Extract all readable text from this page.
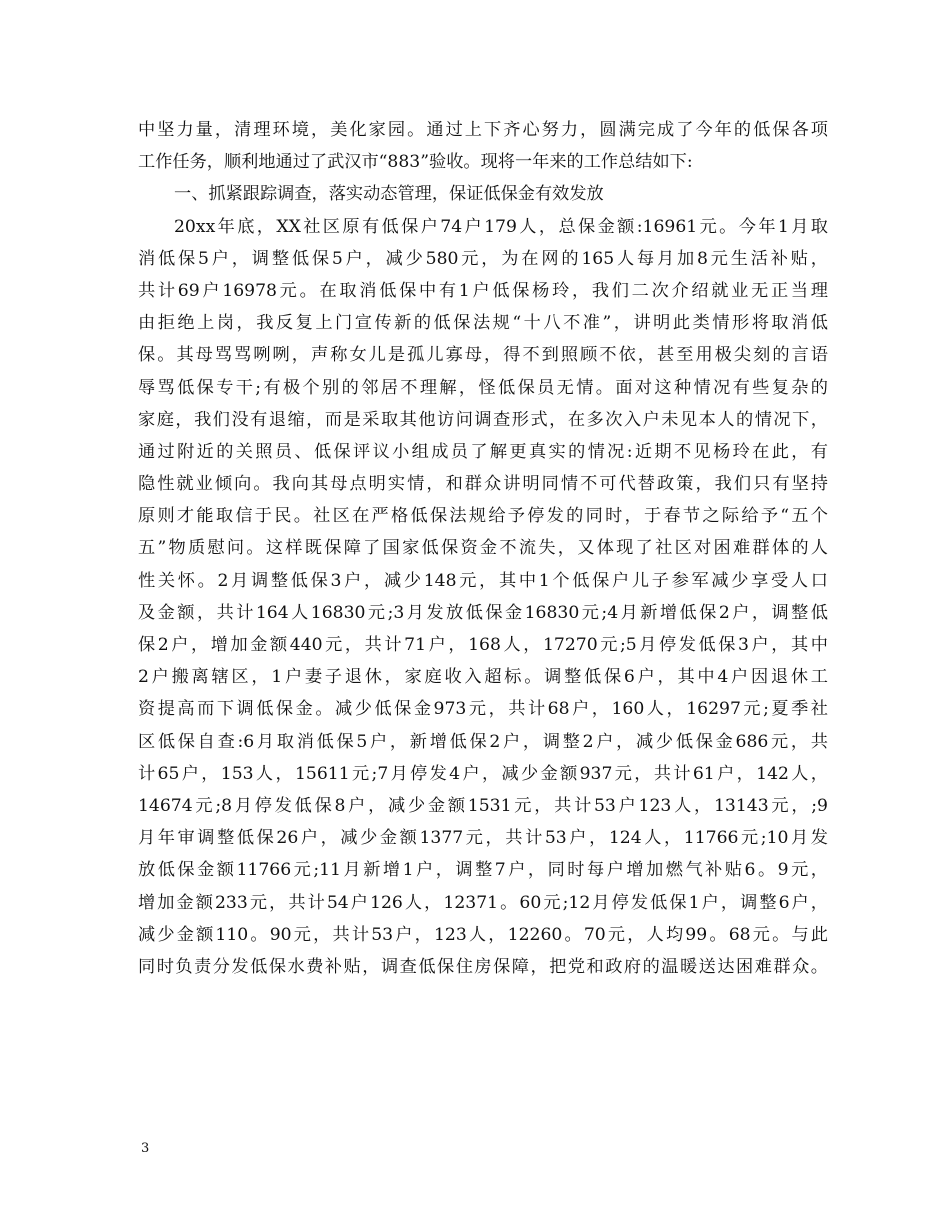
中坚力量，清理环境，美化家园。通过上下齐心努力，圆满完成了今年的低保各项
工作任务，顺利地通过了武汉市“883”验收。现将一年来的工作总结如下:
一、抓紧跟踪调查，落实动态管理，保证低保金有效发放
20xx年底，XX社区原有低保户74户179人，总保金额:16961元。今年1月取
消低保5户，调整低保5户，减少580元，为在网的165人每月加8元生活补贴，
共计69户16978元。在取消低保中有1户低保杨玲，我们二次介绍就业无正当理
由拒绝上岗，我反复上门宣传新的低保法规“十八不准”，讲明此类情形将取消低
保。其母骂骂咧咧，声称女儿是孤儿寡母，得不到照顾不依，甚至用极尖刻的言语
辱骂低保专干;有极个别的邻居不理解，怪低保员无情。面对这种情况有些复杂的
家庭，我们没有退缩，而是采取其他访问调查形式，在多次入户未见本人的情况下，
通过附近的关照员、低保评议小组成员了解更真实的情况:近期不见杨玲在此，有
隐性就业倾向。我向其母点明实情，和群众讲明同情不可代替政策，我们只有坚持
原则才能取信于民。社区在严格低保法规给予停发的同时，于春节之际给予“五个
五”物质慰问。这样既保障了国家低保资金不流失，又体现了社区对困难群体的人
性关怀。2月调整低保3户，减少148元，其中1个低保户儿子参军减少享受人口
及金额，共计164人16830元;3月发放低保金16830元;4月新增低保2户，调整低
保2户，增加金额440元，共计71户，168人，17270元;5月停发低保3户，其中
2户搬离辖区，1户妻子退休，家庭收入超标。调整低保6户，其中4户因退休工
资提高而下调低保金。减少低保金973元，共计68户，160人，16297元;夏季社
区低保自查:6月取消低保5户，新增低保2户，调整2户，减少低保金686元，共
计65户，153人，15611元;7月停发4户，减少金额937元，共计61户，142人，
14674元;8月停发低保8户，减少金额1531元，共计53户123人，13143元，;9
月年审调整低保26户，减少金额1377元，共计53户，124人，11766元;10月发
放低保金额11766元;11月新增1户，调整7户，同时每户增加燃气补贴6。9元，
增加金额233元，共计54户126人，12371。60元;12月停发低保1户，调整6户，
减少金额110。90元，共计53户，123人，12260。70元，人均99。68元。与此
同时负责分发低保水费补贴，调查低保住房保障，把党和政府的温暖送达困难群众。
3
